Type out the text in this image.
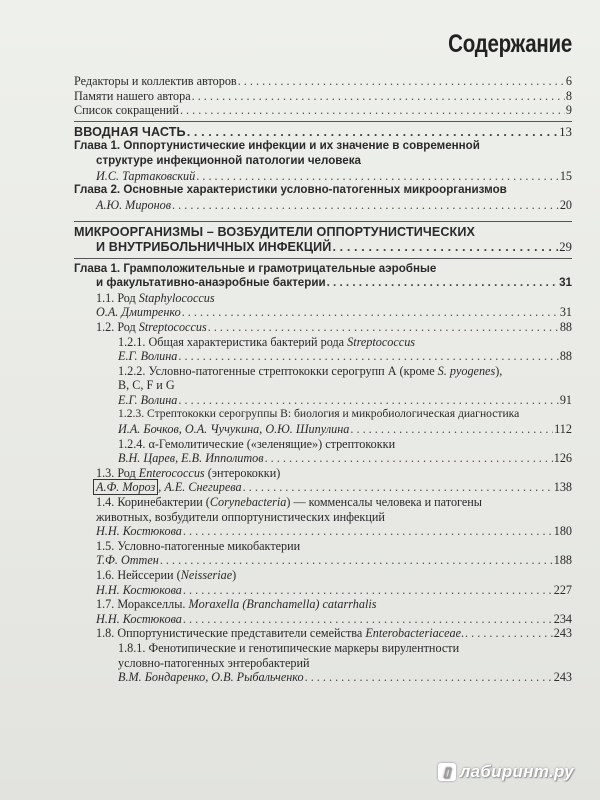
Содержание
Редакторы и коллектив авторов . . .	6
Памяти нашего автора . . .	8
Список сокращений . . .	9
ВВОДНАЯ ЧАСТЬ . . .	13
Глава 1. Оппортунистические инфекции и их значение в современной
структуре инфекционной патологии человека
И.С. Тартаковский . . .	15
Глава 2. Основные характеристики условно-патогенных микроорганизмов
А.Ю. Миронов . . .	20
МИКРООРГАНИЗМЫ – ВОЗБУДИТЕЛИ ОППОРТУНИСТИЧЕСКИХ
И ВНУТРИБОЛЬНИЧНЫХ ИНФЕКЦИЙ . . .	29
Глава 1. Грамположительные и грамотрицательные аэробные
и факультативно-анаэробные бактерии . . .	31
1.1. Род Staphylococcus
О.А. Дмитренко . . .	31
1.2. Род Streptococcus . . .	88
1.2.1. Общая характеристика бактерий рода Streptococcus
Е.Г. Волина . . .	88
1.2.2. Условно-патогенные стрептококки серогрупп А (кроме S. pyogenes),
В, С, F и G
Е.Г. Волина . . .	91
1.2.3. Стрептококки серогруппы В: биология и микробиологическая диагностика
И.А. Бочков, О.А. Чучукина, О.Ю. Шипулина . . .	112
1.2.4. α-Гемолитические («зеленящие») стрептококки
В.Н. Царев, Е.В. Ипполитов . . .	126
1.3. Род Enterococcus (энтерококки)
А.Ф. Мороз , А.Е. Снегирева . . .	138
1.4. Коринебактерии (Corynebacteria) — комменсалы человека и патогены
животных, возбудители оппортунистических инфекций
Н.Н. Костюкова . . .	180
1.5. Условно-патогенные микобактерии
Т.Ф. Оттен . . .	188
1.6. Нейссерии (Neisseriae)
Н.Н. Костюкова . . .	227
1.7. Моракселлы. Moraxella (Branchamella) catarrhalis
Н.Н. Костюкова . . .	234
1.8. Оппортунистические представители семейства Enterobacteriaceae. . . .	243
1.8.1. Фенотипические и генотипические маркеры вирулентности
условно-патогенных энтеробактерий
В.М. Бондаренко, О.В. Рыбальченко . . .	243
▯ лабиринт.ру
